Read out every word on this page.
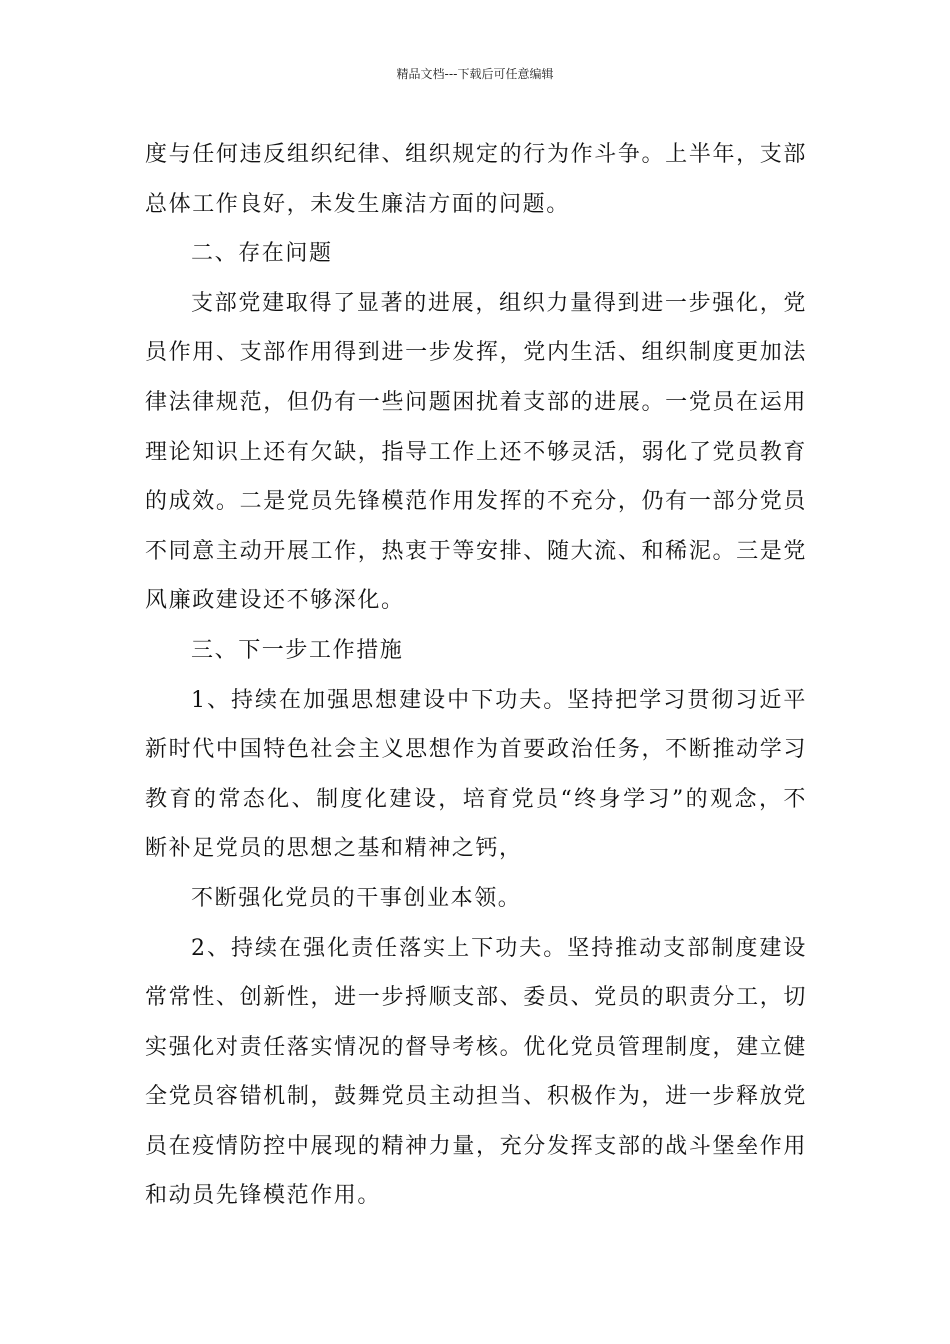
精品文档---下载后可任意编辑

度与任何违反组织纪律、组织规定的行为作斗争。上半年，支部总体工作良好，未发生廉洁方面的问题。

二、存在问题

支部党建取得了显著的进展，组织力量得到进一步强化，党员作用、支部作用得到进一步发挥，党内生活、组织制度更加法律法律规范，但仍有一些问题困扰着支部的进展。一党员在运用理论知识上还有欠缺，指导工作上还不够灵活，弱化了党员教育的成效。二是党员先锋模范作用发挥的不充分，仍有一部分党员不同意主动开展工作，热衷于等安排、随大流、和稀泥。三是党风廉政建设还不够深化。

三、下一步工作措施

1、持续在加强思想建设中下功夫。坚持把学习贯彻习近平新时代中国特色社会主义思想作为首要政治任务，不断推动学习教育的常态化、制度化建设，培育党员“终身学习”的观念，不断补足党员的思想之基和精神之钙，

不断强化党员的干事创业本领。

2、持续在强化责任落实上下功夫。坚持推动支部制度建设常常性、创新性，进一步捋顺支部、委员、党员的职责分工，切实强化对责任落实情况的督导考核。优化党员管理制度，建立健全党员容错机制，鼓舞党员主动担当、积极作为，进一步释放党员在疫情防控中展现的精神力量，充分发挥支部的战斗堡垒作用和动员先锋模范作用。
